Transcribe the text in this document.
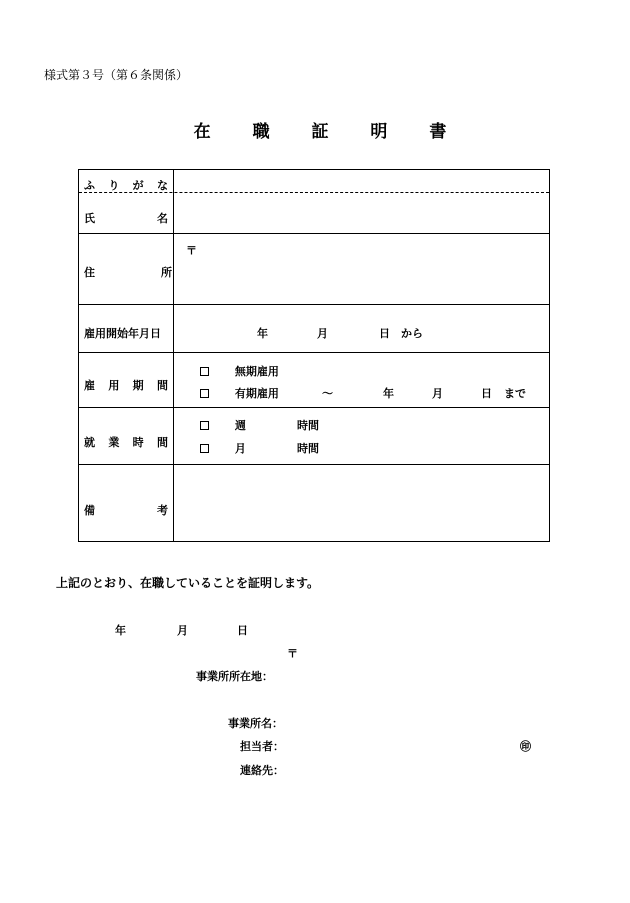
様式第３号（第６条関係）
在 職 証 明 書
ふ り が な
氏	名
住	所
〒
雇用開始年月日	年	月	日 から
雇 用 期 間
無期雇用
有期雇用	～	年	月	日 まで
就 業 時 間
週	時間
月	時間
備	考
上記のとおり、在職していることを証明します。
年	月	日
〒
事業所所在地：
事業所名：
担当者：	㊞
連絡先：
